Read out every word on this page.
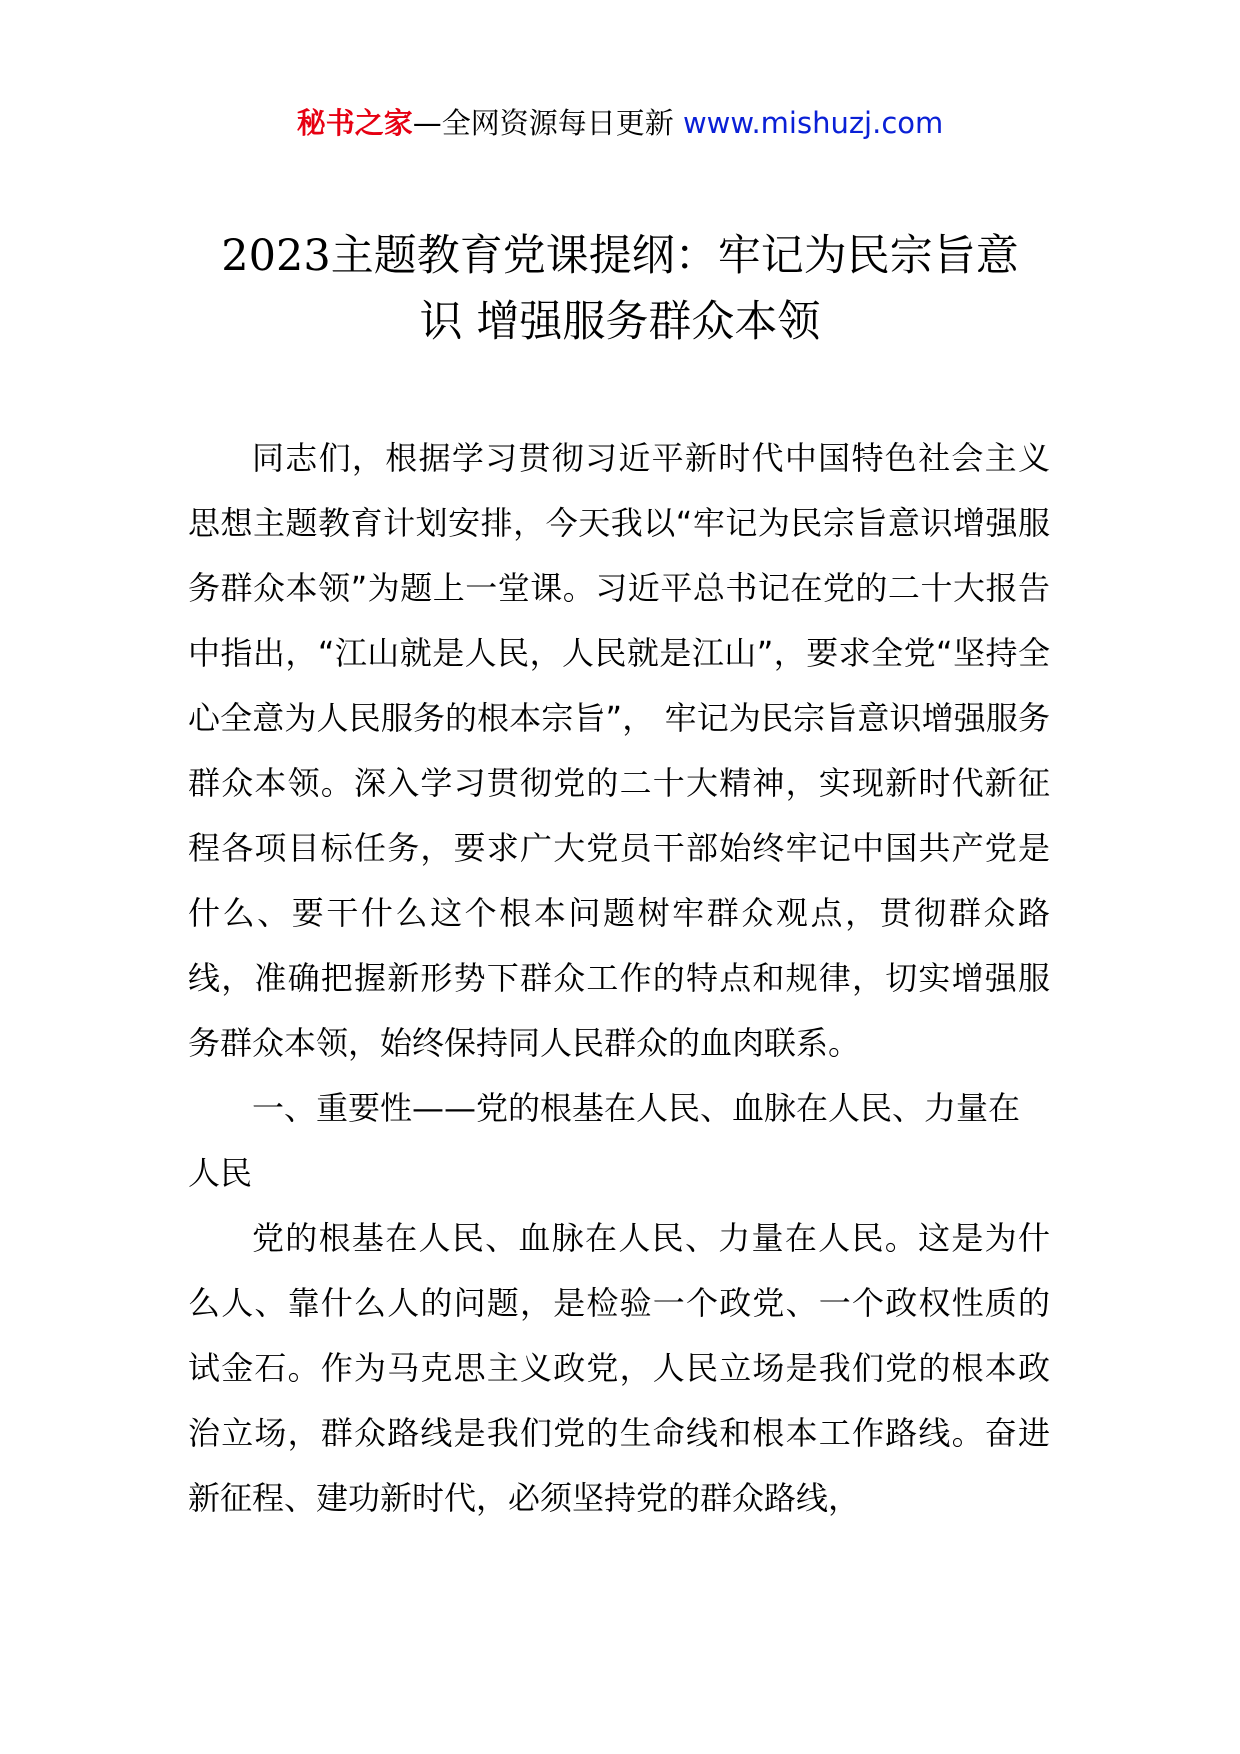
秘书之家—全网资源每日更新 www.mishuzj.com
2023主题教育党课提纲：牢记为民宗旨意
识 增强服务群众本领

同志们，根据学习贯彻习近平新时代中国特色社会主义思想主题教育计划安排，今天我以“牢记为民宗旨意识增强服务群众本领”为题上一堂课。习近平总书记在党的二十大报告中指出，“江山就是人民，人民就是江山”，要求全党“坚持全心全意为人民服务的根本宗旨”， 牢记为民宗旨意识增强服务群众本领。深入学习贯彻党的二十大精神，实现新时代新征程各项目标任务，要求广大党员干部始终牢记中国共产党是什么、要干什么这个根本问题树牢群众观点，贯彻群众路线，准确把握新形势下群众工作的特点和规律，切实增强服务群众本领，始终保持同人民群众的血肉联系。

一、重要性——党的根基在人民、血脉在人民、力量在人民

党的根基在人民、血脉在人民、力量在人民。这是为什么人、靠什么人的问题，是检验一个政党、一个政权性质的试金石。作为马克思主义政党，人民立场是我们党的根本政治立场，群众路线是我们党的生命线和根本工作路线。奋进新征程、建功新时代，必须坚持党的群众路线，
